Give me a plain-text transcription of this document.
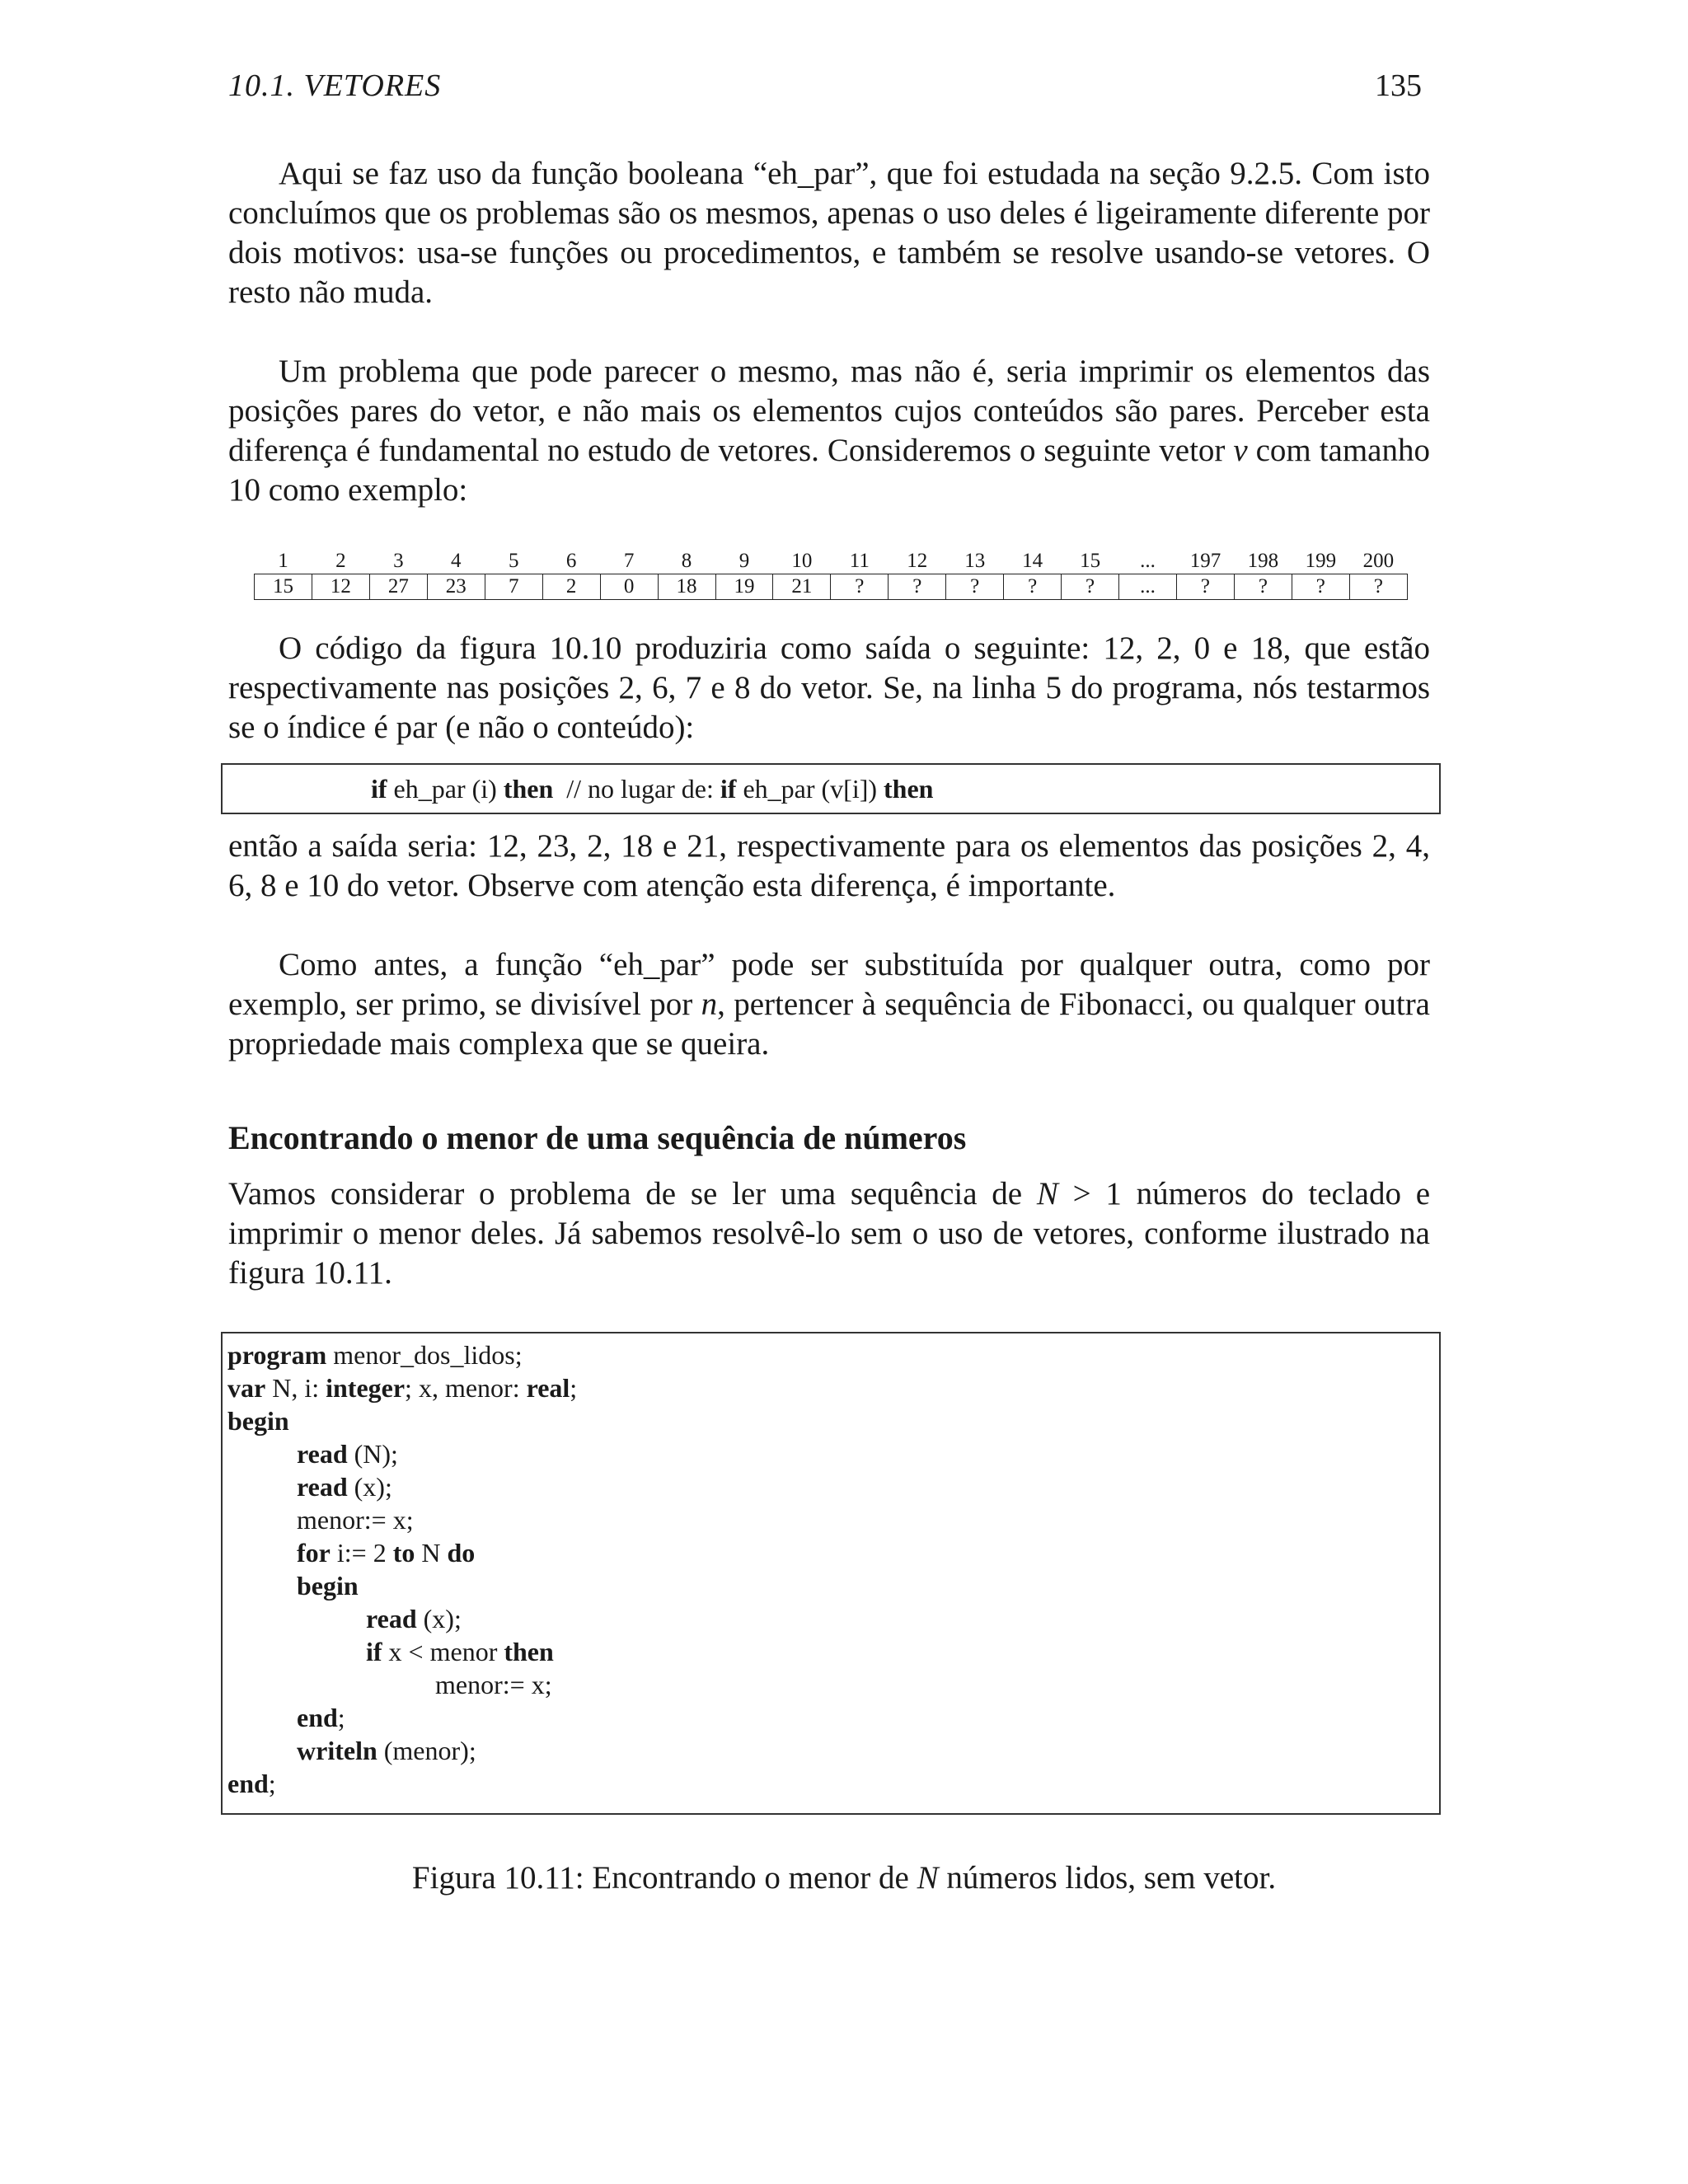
10.1. VETORES	135

Aqui se faz uso da função booleana “eh_par”, que foi estudada na seção 9.2.5. Com isto concluímos que os problemas são os mesmos, apenas o uso deles é ligeiramente diferente por dois motivos: usa-se funções ou procedimentos, e também se resolve usando-se vetores. O resto não muda.

Um problema que pode parecer o mesmo, mas não é, seria imprimir os elementos das posições pares do vetor, e não mais os elementos cujos conteúdos são pares. Perceber esta diferença é fundamental no estudo de vetores. Consideremos o seguinte vetor v com tamanho 10 como exemplo:

1	2	3	4	5	6	7	8	9	10	11	12	13	14	15	...	197	198	199	200
15	12	27	23	7	2	0	18	19	21	?	?	?	?	?	...	?	?	?	?

O código da figura 10.10 produziria como saída o seguinte: 12, 2, 0 e 18, que estão respectivamente nas posições 2, 6, 7 e 8 do vetor. Se, na linha 5 do programa, nós testarmos se o índice é par (e não o conteúdo):

if eh_par (i) then  // no lugar de: if eh_par (v[i]) then

então a saída seria: 12, 23, 2, 18 e 21, respectivamente para os elementos das posições 2, 4, 6, 8 e 10 do vetor. Observe com atenção esta diferença, é importante.

Como antes, a função “eh_par” pode ser substituída por qualquer outra, como por exemplo, ser primo, se divisível por n, pertencer à sequência de Fibonacci, ou qualquer outra propriedade mais complexa que se queira.

Encontrando o menor de uma sequência de números

Vamos considerar o problema de se ler uma sequência de N > 1 números do teclado e imprimir o menor deles. Já sabemos resolvê-lo sem o uso de vetores, conforme ilustrado na figura 10.11.

program menor_dos_lidos;
var N, i: integer; x, menor: real;
begin
read (N);
read (x);
menor:= x;
for i:= 2 to N do
begin
read (x);
if x < menor then
menor:= x;
end;
writeln (menor);
end;
Figura 10.11: Encontrando o menor de N números lidos, sem vetor.
